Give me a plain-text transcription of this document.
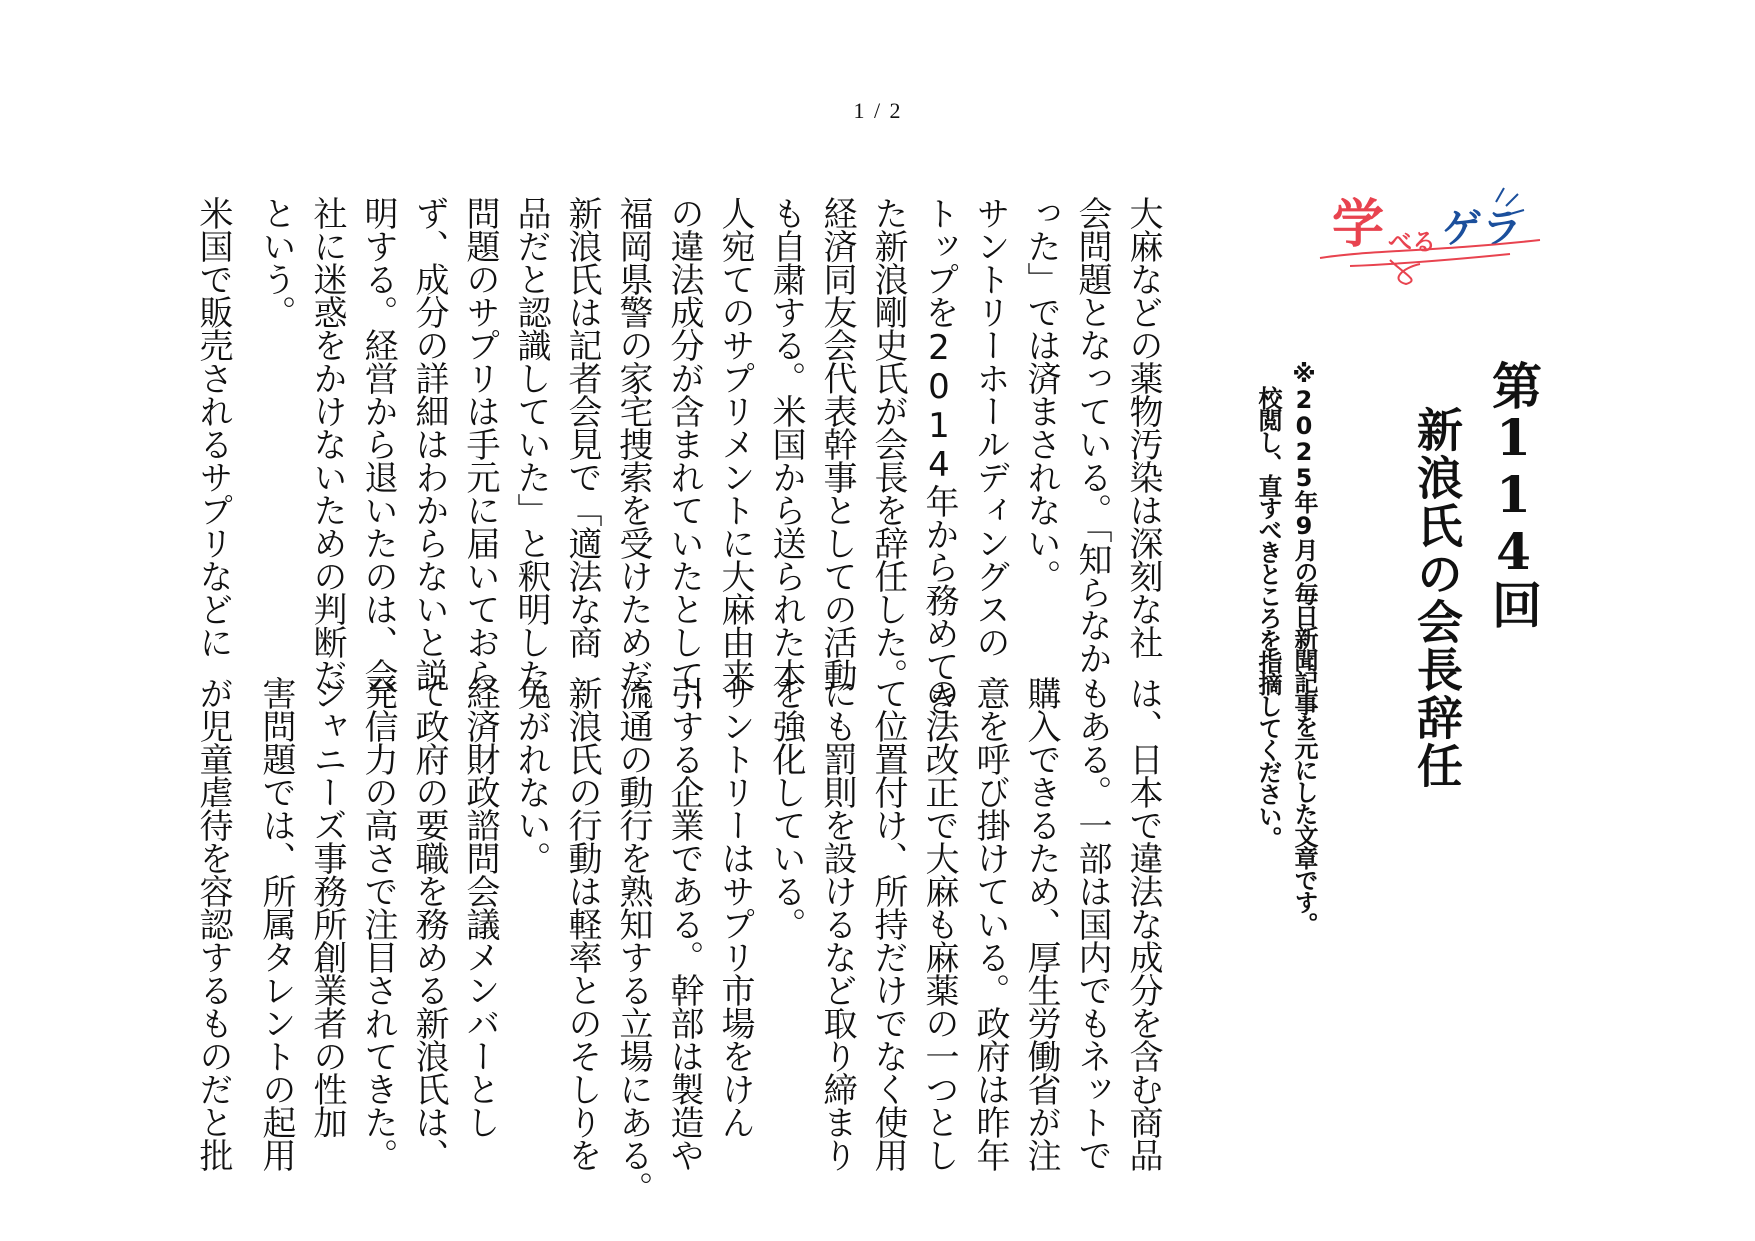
1 / 2
学 べる ゲラ
第114回
新浪氏の会長辞任
※2025年9月の毎日新聞記事を元にした文章です。
校閲し、直すべきところを指摘してください。
大麻などの薬物汚染は深刻な社
会問題となっている。「知らなか
った」では済まされない。
サントリーホールディングスの
トップを2014年から務めてき
た新浪剛史氏が会長を辞任した。
経済同友会代表幹事としての活動
も自粛する。米国から送られた本
人宛てのサプリメントに大麻由来
の違法成分が含まれていたとして、
福岡県警の家宅捜索を受けためだ。
新浪氏は記者会見で「適法な商
品だと認識していた」と釈明した。
問題のサプリは手元に届いておら
ず、成分の詳細はわからないと説
明する。経営から退いたのは、会
社に迷惑をかけないための判断だ
という。
米国で販売されるサプリなどに
は、日本で違法な成分を含む商品
もある。一部は国内でもネットで
購入できるため、厚生労働省が注
意を呼び掛けている。政府は昨年
の法改正で大麻も麻薬の一つとし
て位置付け、所持だけでなく使用
にも罰則を設けるなど取り締まり
を強化している。
サントリーはサプリ市場をけん
引する企業である。幹部は製造や
流通の動行を熟知する立場にある。
新浪氏の行動は軽率とのそしりを
免がれない。
経済財政諮問会議メンバーとし
て政府の要職を務める新浪氏は、
発信力の高さで注目されてきた。
ジャニーズ事務所創業者の性加
害問題では、所属タレントの起用
が児童虐待を容認するものだと批
